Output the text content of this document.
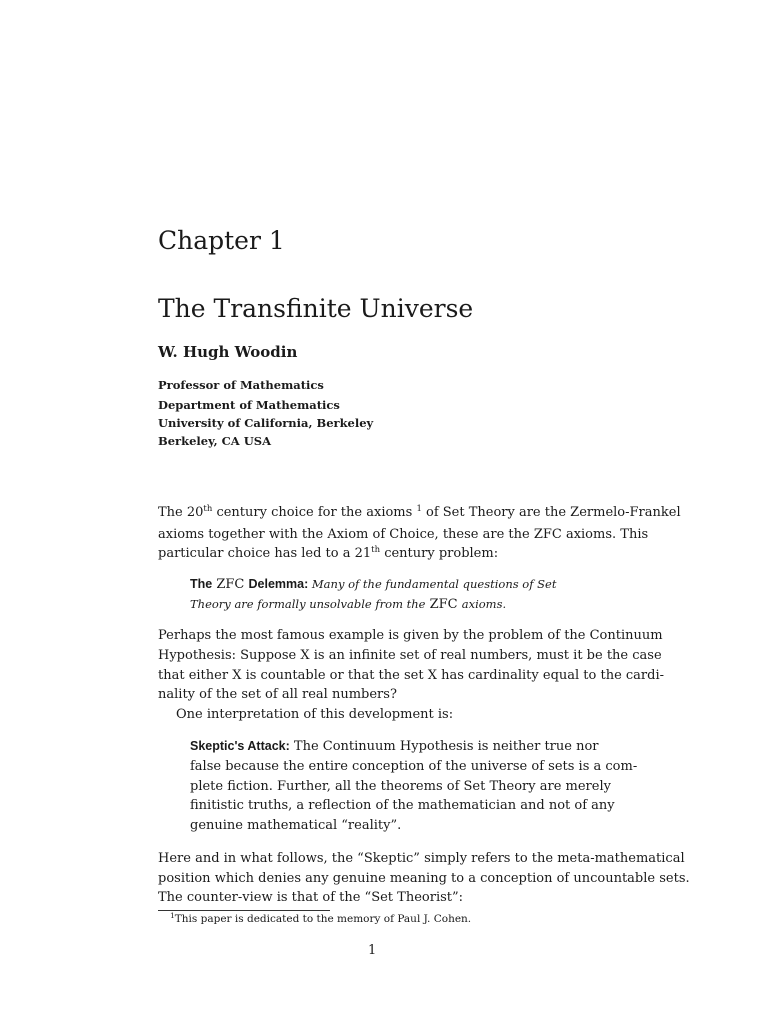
Chapter 1
The Transfinite Universe
W. Hugh Woodin
Professor of Mathematics
Department of Mathematics
University of California, Berkeley
Berkeley, CA USA
The 20th century choice for the axioms $^1$ of Set Theory are the Zermelo-Frankel
axioms together with the Axiom of Choice, these are the ZFC axioms. This
particular choice has led to a 21th century problem:
The ZFC Delemma: Many of the fundamental questions of Set
Theory are formally unsolvable from the ZFC axioms.
Perhaps the most famous example is given by the problem of the Continuum
Hypothesis: Suppose X is an infinite set of real numbers, must it be the case
that either X is countable or that the set X has cardinality equal to the cardi-
nality of the set of all real numbers?
One interpretation of this development is:
Skeptic's Attack: The Continuum Hypothesis is neither true nor
false because the entire conception of the universe of sets is a com-
plete fiction. Further, all the theorems of Set Theory are merely
finitistic truths, a reflection of the mathematician and not of any
genuine mathematical “reality”.
Here and in what follows, the “Skeptic” simply refers to the meta-mathematical
position which denies any genuine meaning to a conception of uncountable sets.
The counter-view is that of the “Set Theorist”:
$^1$This paper is dedicated to the memory of Paul J. Cohen.
1
